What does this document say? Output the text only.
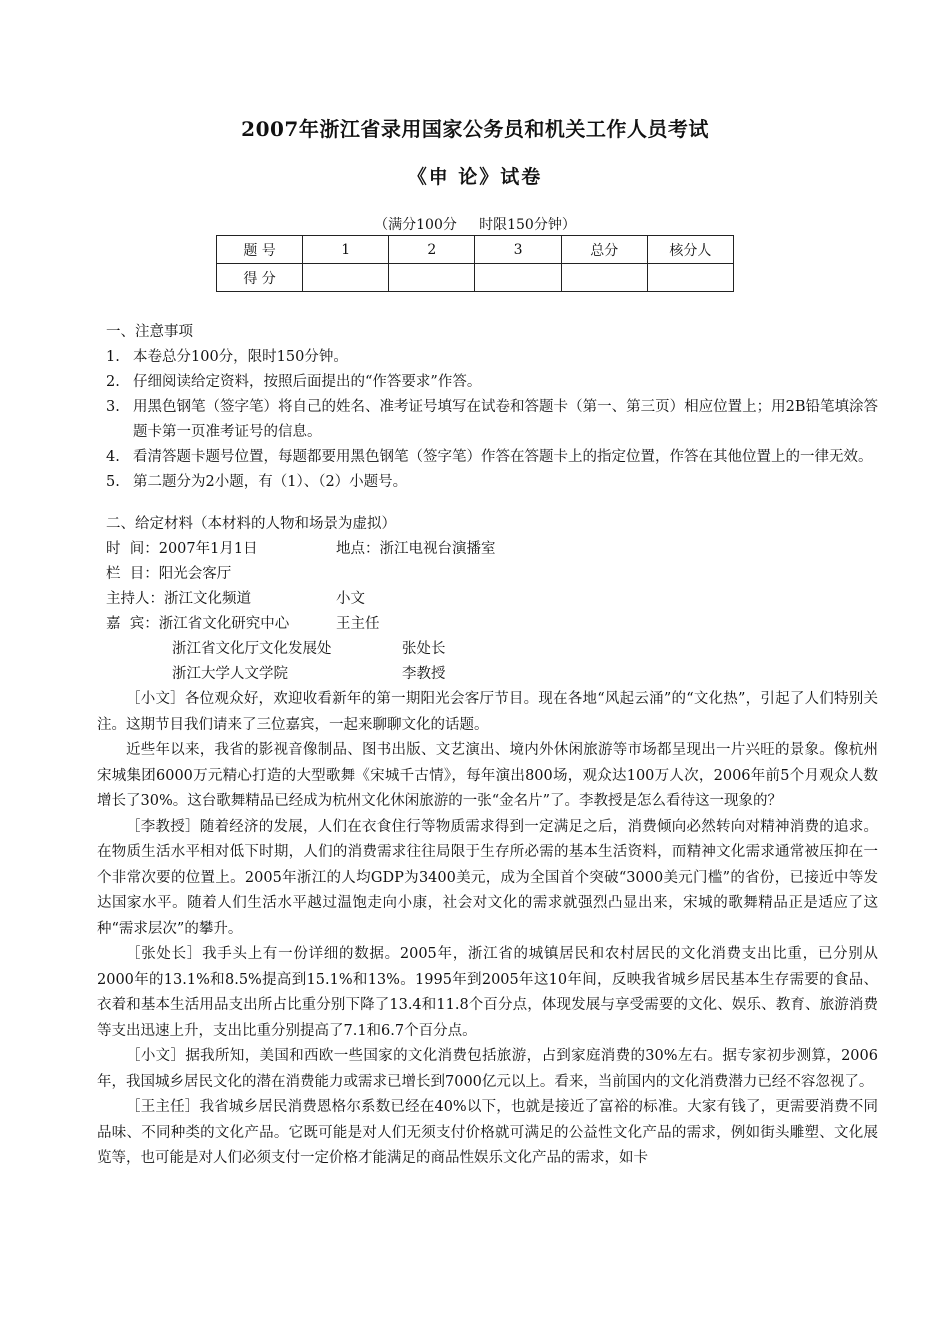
2007年浙江省录用国家公务员和机关工作人员考试
《申 论》试卷
（满分100分     时限150分钟）
题 号	1	2	3	总分	核分人
得 分					
一、注意事项
1. 本卷总分100分，限时150分钟。
2. 仔细阅读给定资料，按照后面提出的“作答要求”作答。
3. 用黑色钢笔（签字笔）将自己的姓名、准考证号填写在试卷和答题卡（第一、第三页）相应位置上；用2B铅笔填涂答题卡第一页准考证号的信息。
4. 看清答题卡题号位置，每题都要用黑色钢笔（签字笔）作答在答题卡上的指定位置，作答在其他位置上的一律无效。
5. 第二题分为2小题，有（1）、（2）小题号。
二、给定材料（本材料的人物和场景为虚拟）
时  间：2007年1月1日	地点：浙江电视台演播室
栏  目：阳光会客厅
主持人：浙江文化频道	小文
嘉  宾：浙江省文化研究中心	王主任
浙江省文化厅文化发展处	张处长
浙江大学人文学院	李教授
［小文］各位观众好，欢迎收看新年的第一期阳光会客厅节目。现在各地“风起云涌”的“文化热”，引起了人们特别关注。这期节目我们请来了三位嘉宾，一起来聊聊文化的话题。
近些年以来，我省的影视音像制品、图书出版、文艺演出、境内外休闲旅游等市场都呈现出一片兴旺的景象。像杭州宋城集团6000万元精心打造的大型歌舞《宋城千古情》，每年演出800场，观众达100万人次，2006年前5个月观众人数增长了30%。这台歌舞精品已经成为杭州文化休闲旅游的一张“金名片”了。李教授是怎么看待这一现象的？
［李教授］随着经济的发展，人们在衣食住行等物质需求得到一定满足之后，消费倾向必然转向对精神消费的追求。在物质生活水平相对低下时期，人们的消费需求往往局限于生存所必需的基本生活资料，而精神文化需求通常被压抑在一个非常次要的位置上。2005年浙江的人均GDP为3400美元，成为全国首个突破“3000美元门槛”的省份，已接近中等发达国家水平。随着人们生活水平越过温饱走向小康，社会对文化的需求就强烈凸显出来，宋城的歌舞精品正是适应了这种“需求层次”的攀升。
［张处长］我手头上有一份详细的数据。2005年，浙江省的城镇居民和农村居民的文化消费支出比重，已分别从2000年的13.1%和8.5%提高到15.1%和13%。1995年到2005年这10年间，反映我省城乡居民基本生存需要的食品、衣着和基本生活用品支出所占比重分别下降了13.4和11.8个百分点，体现发展与享受需要的文化、娱乐、教育、旅游消费等支出迅速上升，支出比重分别提高了7.1和6.7个百分点。
［小文］据我所知，美国和西欧一些国家的文化消费包括旅游，占到家庭消费的30%左右。据专家初步测算，2006年，我国城乡居民文化的潜在消费能力或需求已增长到7000亿元以上。看来，当前国内的文化消费潜力已经不容忽视了。
［王主任］我省城乡居民消费恩格尔系数已经在40%以下，也就是接近了富裕的标准。大家有钱了，更需要消费不同品味、不同种类的文化产品。它既可能是对人们无须支付价格就可满足的公益性文化产品的需求，例如街头雕塑、文化展览等，也可能是对人们必须支付一定价格才能满足的商品性娱乐文化产品的需求，如卡
